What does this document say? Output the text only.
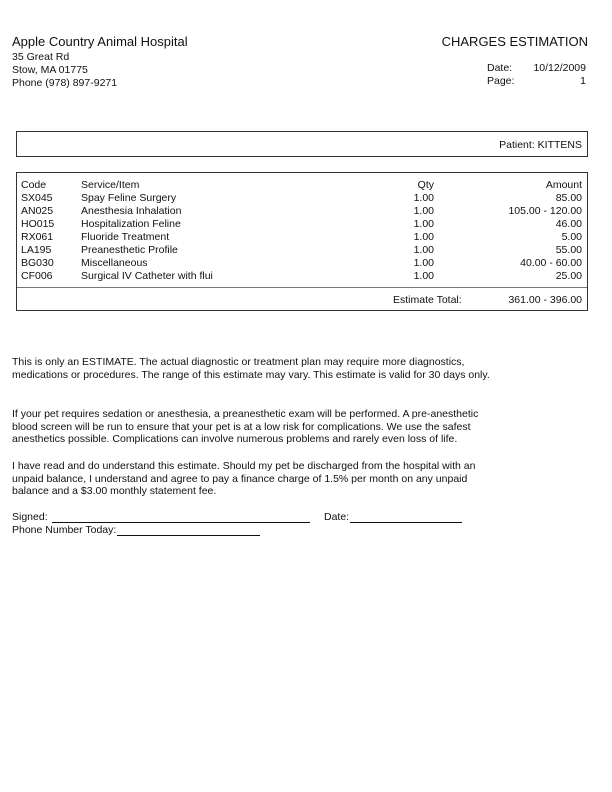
Apple Country Animal Hospital
35 Great Rd
Stow, MA 01775
Phone (978) 897-9271
CHARGES ESTIMATION
Date: 10/12/2009
Page:	1
Patient: KITTENS
Code	Service/Item	Qty	Amount
SX045	Spay Feline Surgery	1.00	85.00
AN025	Anesthesia Inhalation	1.00	105.00 - 120.00
HO015	Hospitalization Feline	1.00	46.00
RX061	Fluoride Treatment	1.00	5.00
LA195	Preanesthetic Profile	1.00	55.00
BG030	Miscellaneous	1.00	40.00 - 60.00
CF006	Surgical IV Catheter with flui	1.00	25.00
Estimate Total:	361.00 - 396.00
This is only an ESTIMATE. The actual diagnostic or treatment plan may require more diagnostics, medications or procedures. The range of this estimate may vary. This estimate is valid for 30 days only.
If your pet requires sedation or anesthesia, a preanesthetic exam will be performed. A pre-anesthetic blood screen will be run to ensure that your pet is at a low risk for complications. We use the safest anesthetics possible. Complications can involve numerous problems and rarely even loss of life.
I have read and do understand this estimate. Should my pet be discharged from the hospital with an unpaid balance, I understand and agree to pay a finance charge of 1.5% per month on any unpaid balance and a $3.00 monthly statement fee.
Signed:	Date:
Phone Number Today:
